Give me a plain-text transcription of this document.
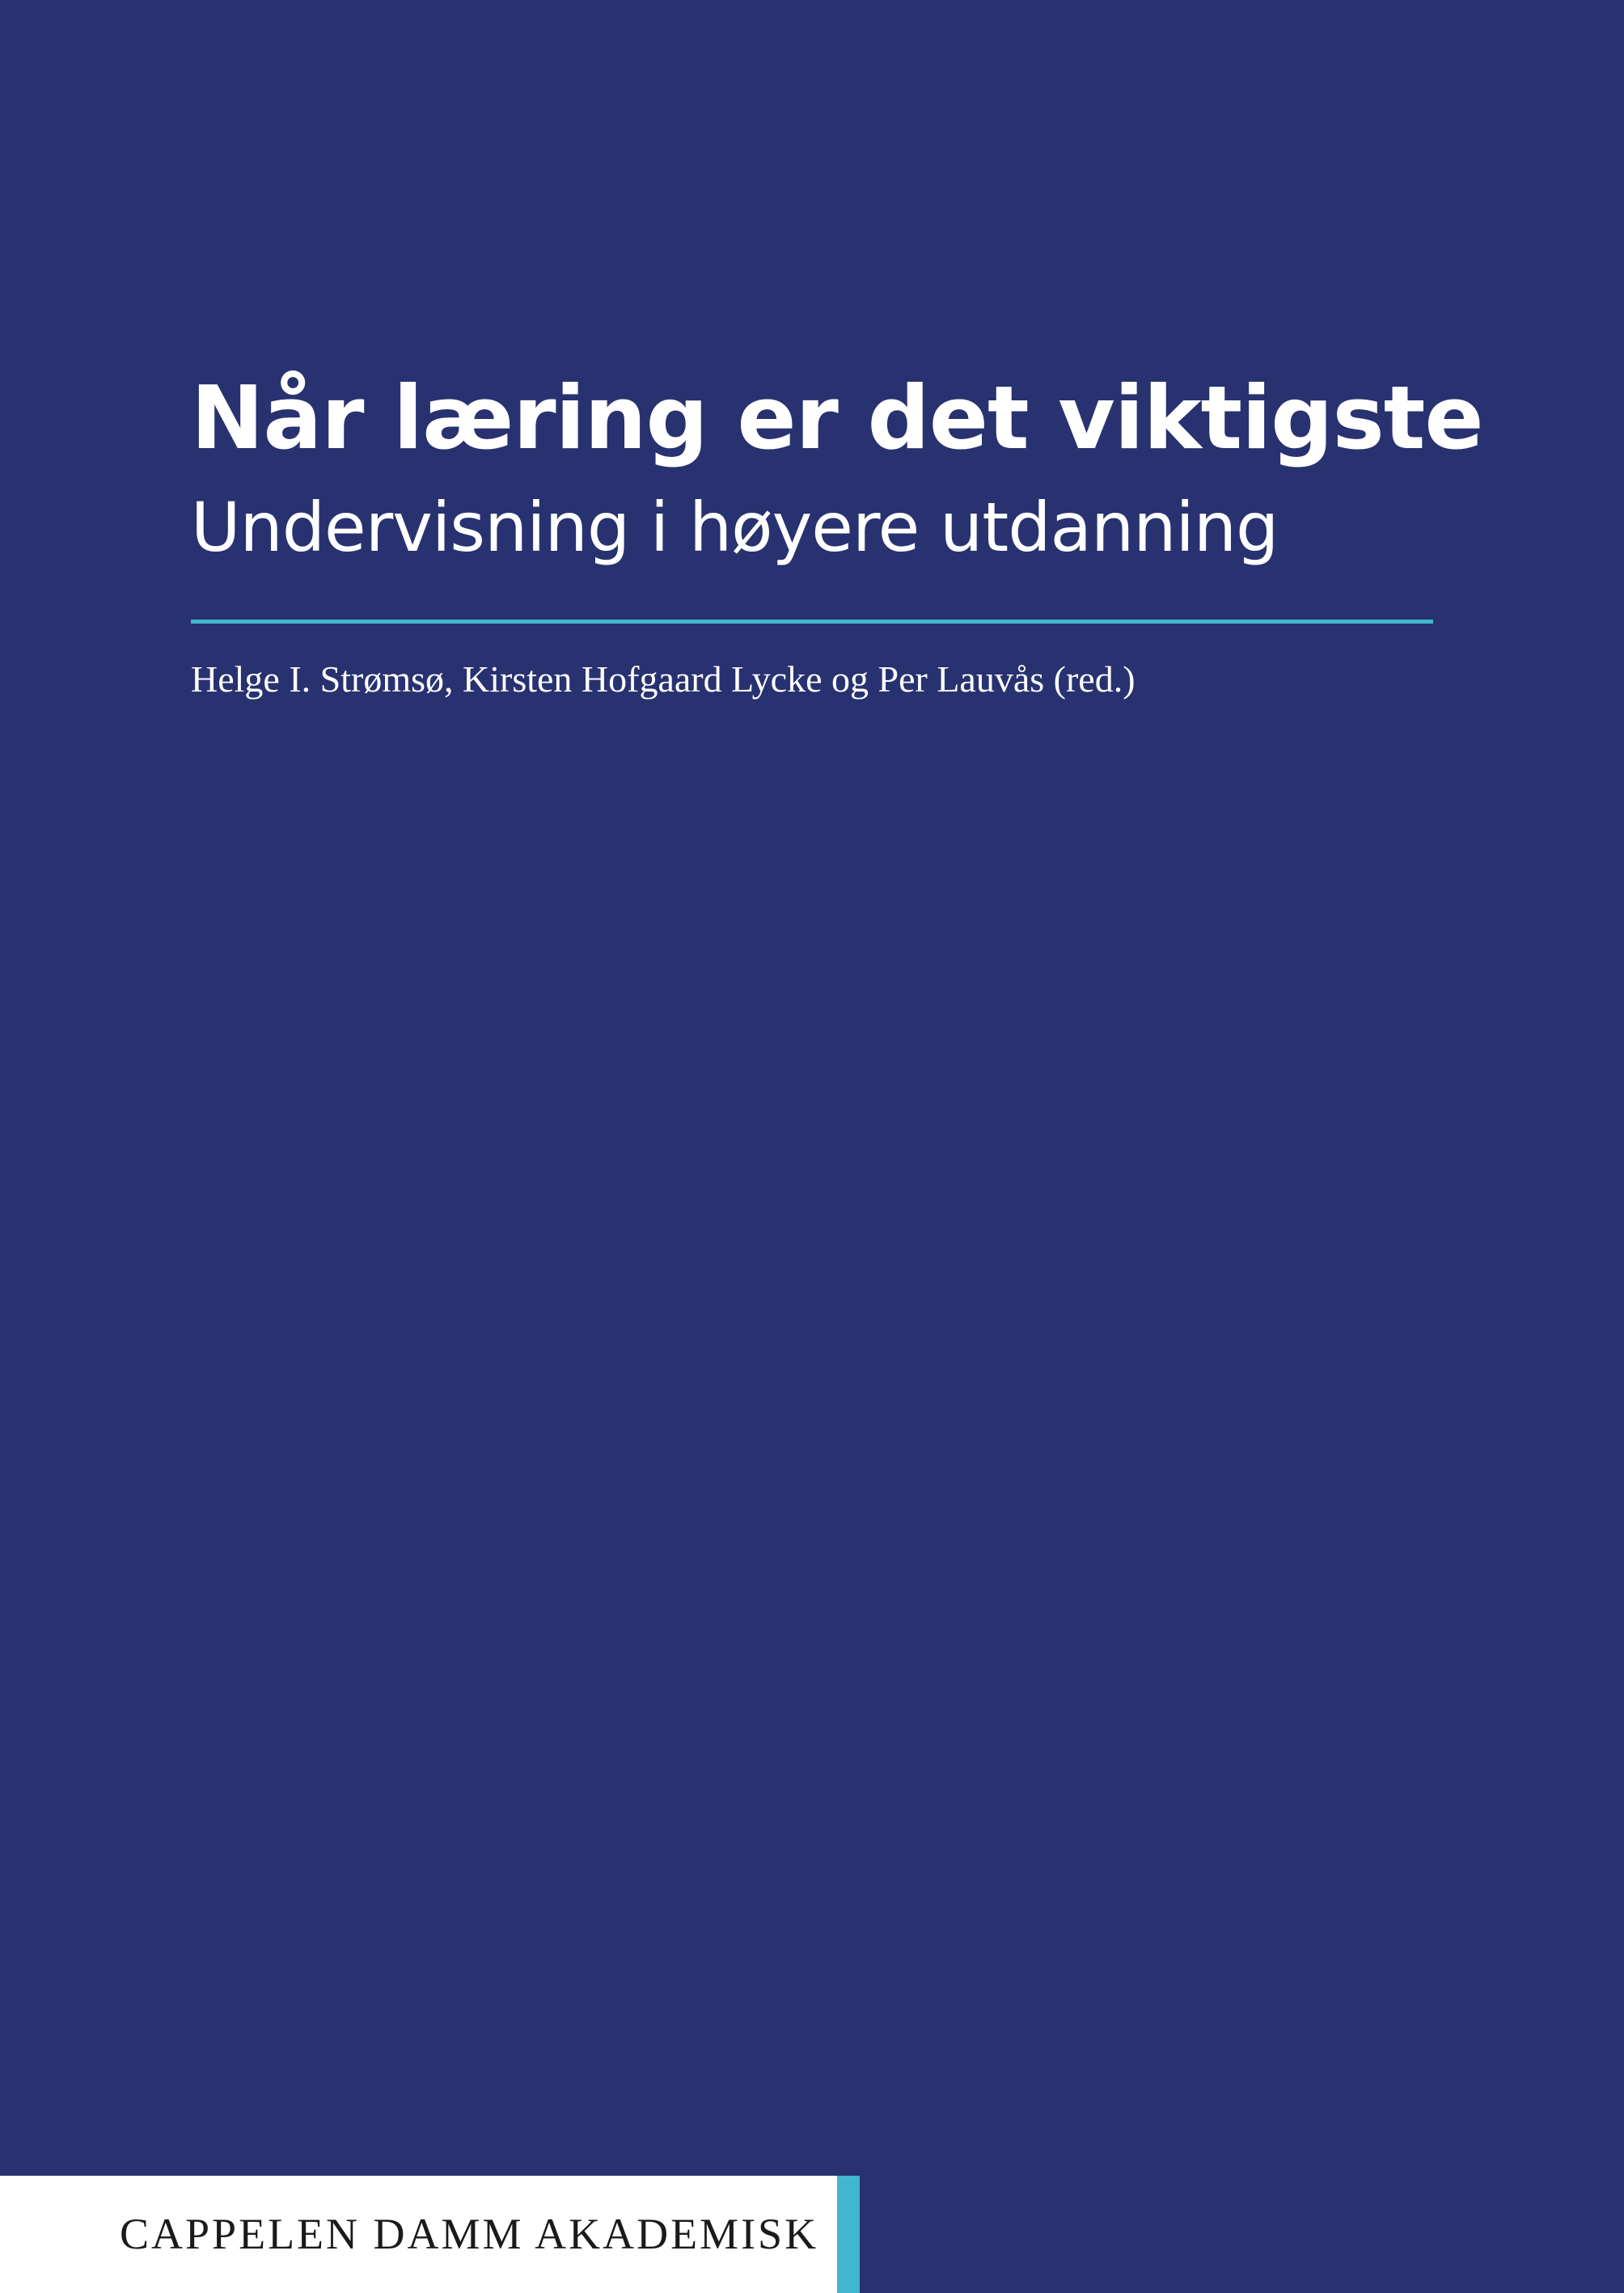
Når læring er det viktigste
Undervisning i høyere utdanning

Helge I. Strømsø, Kirsten Hofgaard Lycke og Per Lauvås (red.)

CAPPELEN DAMM AKADEMISK
